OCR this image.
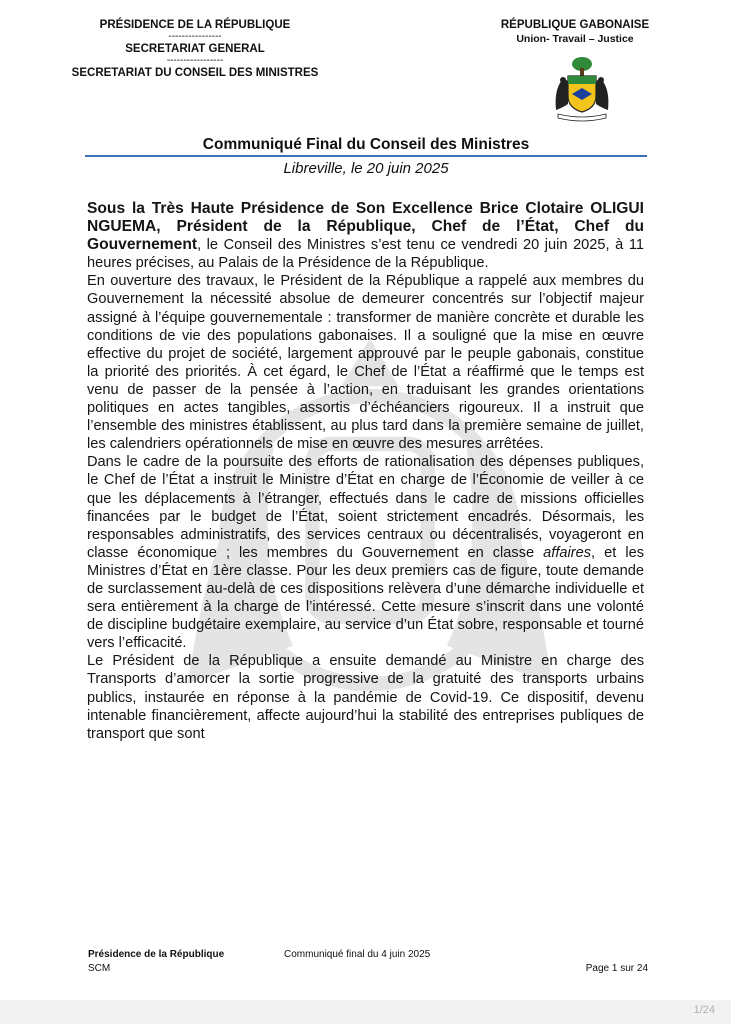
PRÉSIDENCE DE LA RÉPUBLIQUE
----------------
SECRETARIAT GENERAL
-----------------
SECRETARIAT DU CONSEIL DES MINISTRES
RÉPUBLIQUE GABONAISE
Union- Travail – Justice
Communiqué Final du Conseil des Ministres
Libreville, le 20 juin 2025

Sous la Très Haute Présidence de Son Excellence Brice Clotaire OLIGUI NGUEMA, Président de la République, Chef de l’État, Chef du Gouvernement, le Conseil des Ministres s’est tenu ce vendredi 20 juin 2025, à 11 heures précises, au Palais de la Présidence de la République.

En ouverture des travaux, le Président de la République a rappelé aux membres du Gouvernement la nécessité absolue de demeurer concentrés sur l’objectif majeur assigné à l’équipe gouvernementale : transformer de manière concrète et durable les conditions de vie des populations gabonaises. Il a souligné que la mise en œuvre effective du projet de société, largement approuvé par le peuple gabonais, constitue la priorité des priorités. À cet égard, le Chef de l’État a réaffirmé que le temps est venu de passer de la pensée à l’action, en traduisant les grandes orientations politiques en actes tangibles, assortis d’échéanciers rigoureux. Il a instruit que l’ensemble des ministres établissent, au plus tard dans la première semaine de juillet, les calendriers opérationnels de mise en œuvre des mesures arrêtées.

Dans le cadre de la poursuite des efforts de rationalisation des dépenses publiques, le Chef de l’État a instruit le Ministre d’État en charge de l’Économie de veiller à ce que les déplacements à l’étranger, effectués dans le cadre de missions officielles financées par le budget de l’État, soient strictement encadrés. Désormais, les responsables administratifs, des services centraux ou décentralisés, voyageront en classe économique ; les membres du Gouvernement en classe affaires, et les Ministres d’État en 1ère classe. Pour les deux premiers cas de figure, toute demande de surclassement au-delà de ces dispositions relèvera d’une démarche individuelle et sera entièrement à la charge de l’intéressé. Cette mesure s’inscrit dans une volonté de discipline budgétaire exemplaire, au service d’un État sobre, responsable et tourné vers l’efficacité.

Le Président de la République a ensuite demandé au Ministre en charge des Transports d’amorcer la sortie progressive de la gratuité des transports urbains publics, instaurée en réponse à la pandémie de Covid-19. Ce dispositif, devenu intenable financièrement, affecte aujourd’hui la stabilité des entreprises publiques de transport que sont

Présidence de la République
SCM
Communiqué final du 4 juin 2025
Page 1 sur 24
1/24
